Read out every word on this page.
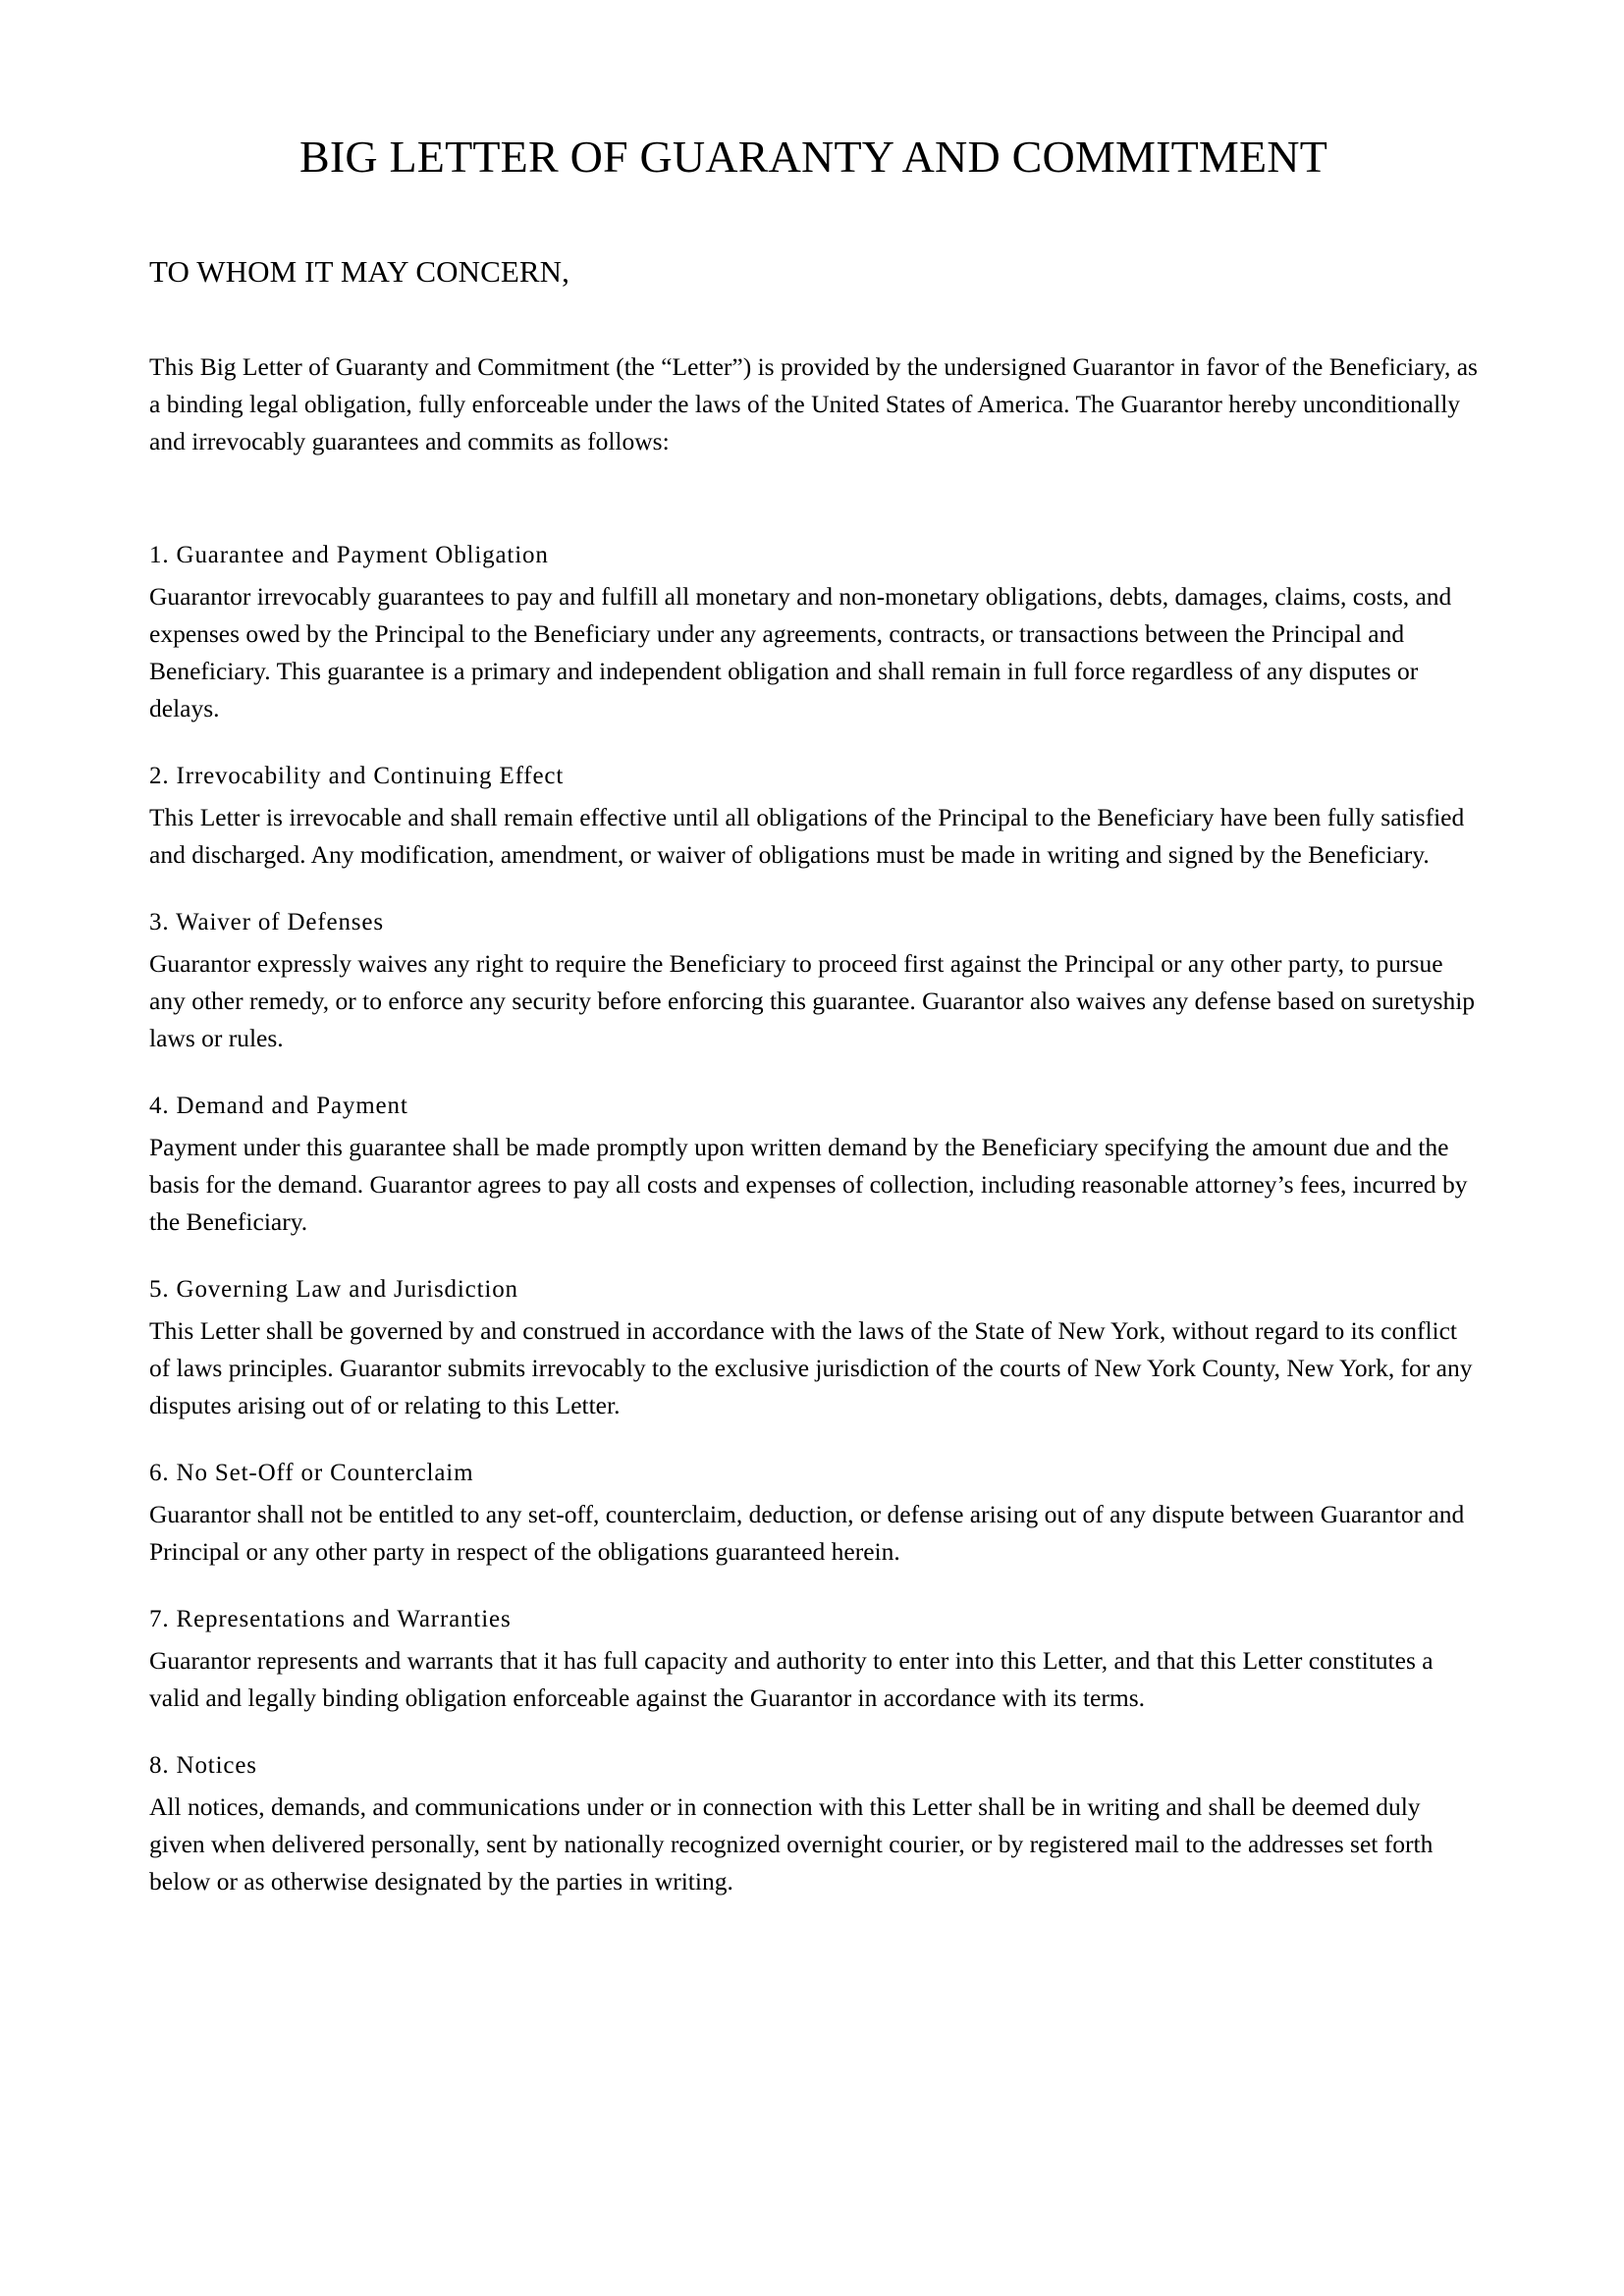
BIG LETTER OF GUARANTY AND COMMITMENT

TO WHOM IT MAY CONCERN,

This Big Letter of Guaranty and Commitment (the “Letter”) is provided by the undersigned Guarantor in favor of the Beneficiary, as a binding legal obligation, fully enforceable under the laws of the United States of America. The Guarantor hereby unconditionally and irrevocably guarantees and commits as follows:

1. Guarantee and Payment Obligation

Guarantor irrevocably guarantees to pay and fulfill all monetary and non-monetary obligations, debts, damages, claims, costs, and expenses owed by the Principal to the Beneficiary under any agreements, contracts, or transactions between the Principal and Beneficiary. This guarantee is a primary and independent obligation and shall remain in full force regardless of any disputes or delays.

2. Irrevocability and Continuing Effect

This Letter is irrevocable and shall remain effective until all obligations of the Principal to the Beneficiary have been fully satisfied and discharged. Any modification, amendment, or waiver of obligations must be made in writing and signed by the Beneficiary.

3. Waiver of Defenses

Guarantor expressly waives any right to require the Beneficiary to proceed first against the Principal or any other party, to pursue any other remedy, or to enforce any security before enforcing this guarantee. Guarantor also waives any defense based on suretyship laws or rules.

4. Demand and Payment

Payment under this guarantee shall be made promptly upon written demand by the Beneficiary specifying the amount due and the basis for the demand. Guarantor agrees to pay all costs and expenses of collection, including reasonable attorney’s fees, incurred by the Beneficiary.

5. Governing Law and Jurisdiction

This Letter shall be governed by and construed in accordance with the laws of the State of New York, without regard to its conflict of laws principles. Guarantor submits irrevocably to the exclusive jurisdiction of the courts of New York County, New York, for any disputes arising out of or relating to this Letter.

6. No Set-Off or Counterclaim

Guarantor shall not be entitled to any set-off, counterclaim, deduction, or defense arising out of any dispute between Guarantor and Principal or any other party in respect of the obligations guaranteed herein.

7. Representations and Warranties

Guarantor represents and warrants that it has full capacity and authority to enter into this Letter, and that this Letter constitutes a valid and legally binding obligation enforceable against the Guarantor in accordance with its terms.

8. Notices

All notices, demands, and communications under or in connection with this Letter shall be in writing and shall be deemed duly given when delivered personally, sent by nationally recognized overnight courier, or by registered mail to the addresses set forth below or as otherwise designated by the parties in writing.
